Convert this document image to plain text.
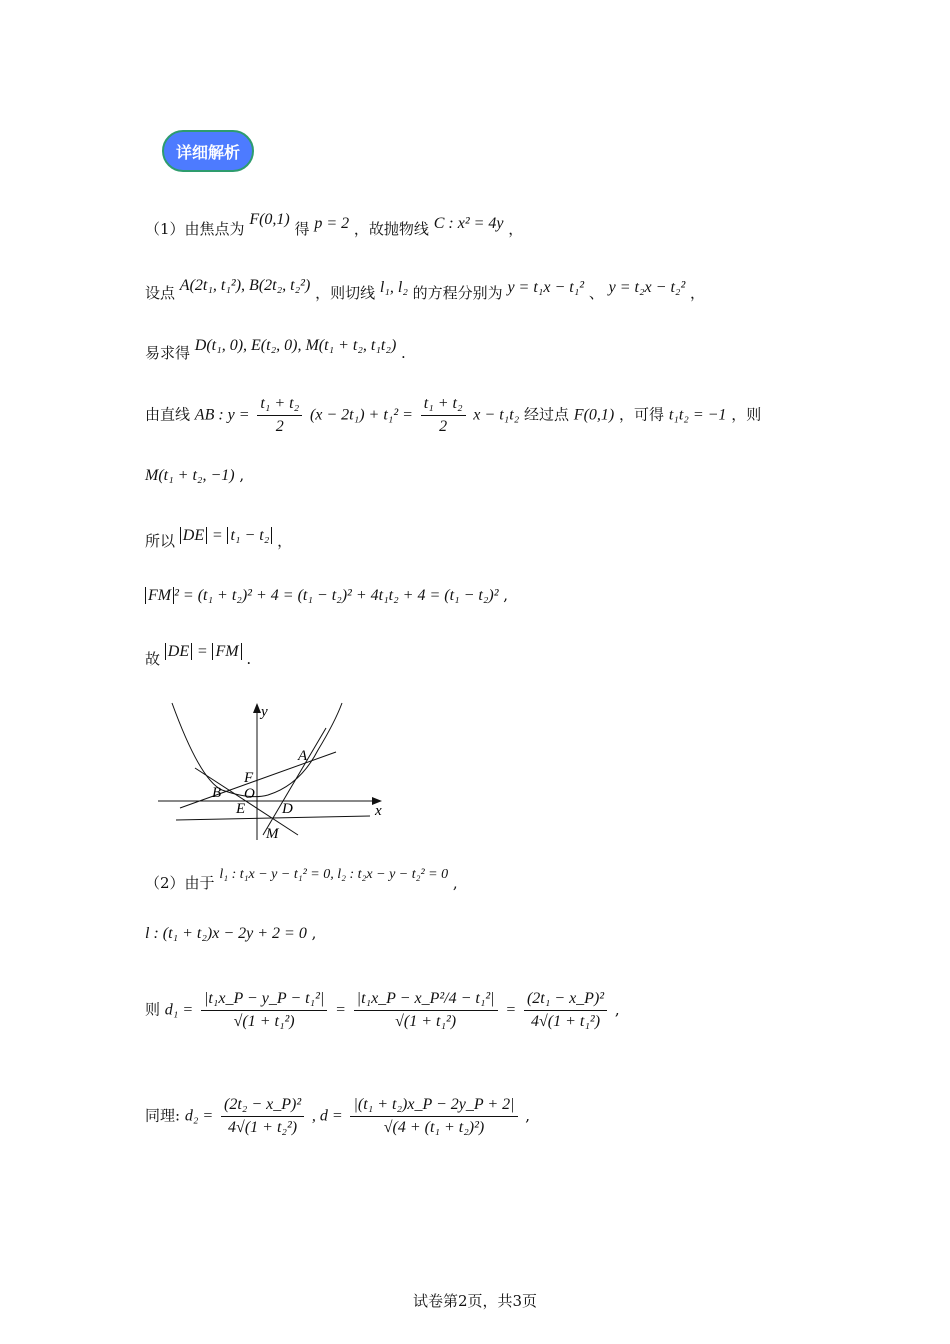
详细解析
（1）由焦点为 F(0,1) 得 p = 2 ，故抛物线 C : x² = 4y ，
设点 A(2t₁, t₁²), B(2t₂, t₂²) ，则切线 l₁, l₂ 的方程分别为 y = t₁x − t₁² 、 y = t₂x − t₂² ，
易求得 D(t₁, 0), E(t₂, 0), M(t₁ + t₂, t₁t₂) .
由直线 AB : $y = \frac{\text{t₁ + t₂}}{2} (x - 2t_1) + t_1^2 = \frac{\text{t₁ + t₂}}{2}$ x − t₁t₂ 经过点 F(0,1) ，可得 t₁t₂ = −1 ，则
M(t₁ + t₂, −1) ,
所以 DE = t₁ − t₂ ，
FM ² = (t₁ + t₂)² + 4 = (t₁ − t₂)² + 4t₁t₂ + 4 = (t₁ − t₂)² ,
故 DE = FM .
y
x
A
B
F
O
E D
M
（2）由于 l₁ : t₁x − y − t₁² = 0, l₂ : t₂x − y − t₂² = 0 ,
l : (t₁ + t₂)x − 2y + 2 = 0 ,
则 $d_1 = \frac{\text{|t₁x\_P − y\_P − t₁²|}}{\text{√(1 + t₁²)}} = \frac{\text{|t₁x\_P − x\_P²/4 − t₁²|}}{\text{√(1 + t₁²)}} = \frac{\text{(2t₁ − x\_P)²}}{\text{4√(1 + t₁²)}}$ ,
同理: $d_2 = \frac{\text{(2t₂ − x\_P)²}}{\text{4√(1 + t₂²)}}$ , $d = \frac{\text{|(t₁ + t₂)x\_P − 2y\_P + 2|}}{\text{√(4 + (t₁ + t₂)²)}}$ ,
试卷第2页，共3页
